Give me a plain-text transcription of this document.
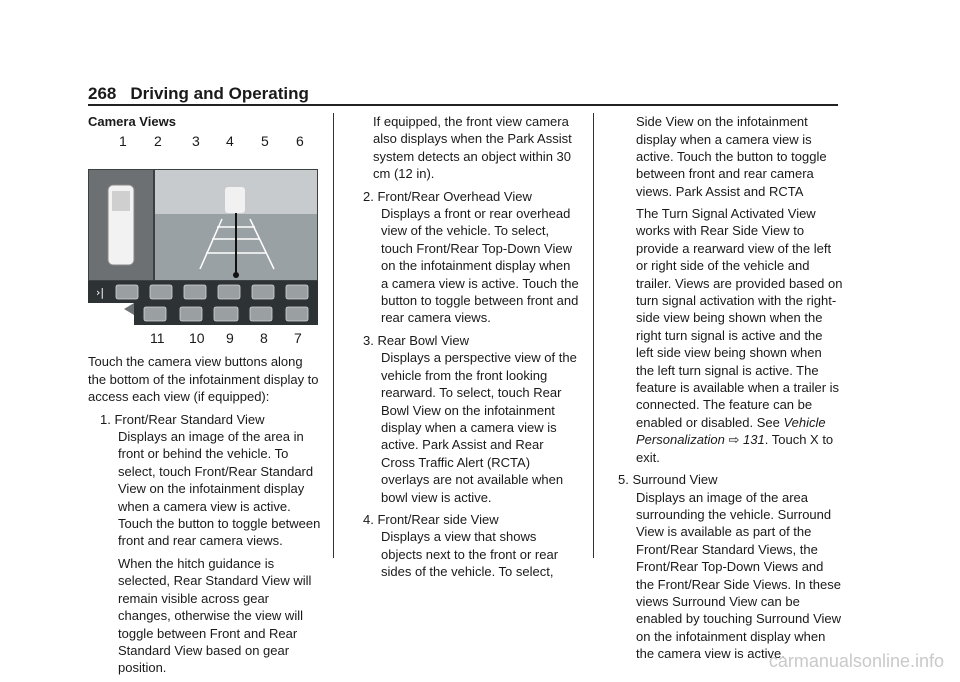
268 Driving and Operating
Camera Views
1 2 3 4 5 6
›|
11 10 9 8 7

Touch the camera view buttons along the bottom of the infotainment display to access each view (if equipped):

1. Front/Rear Standard View

Displays an image of the area in front or behind the vehicle. To select, touch Front/Rear Standard View on the infotainment display when a camera view is active. Touch the button to toggle between front and rear camera views.

When the hitch guidance is selected, Rear Standard View will remain visible across gear changes, otherwise the view will toggle between Front and Rear Standard View based on gear position.

If equipped, the front view camera also displays when the Park Assist system detects an object within 30 cm (12 in).

2. Front/Rear Overhead View

Displays a front or rear overhead view of the vehicle. To select, touch Front/Rear Top-Down View on the infotainment display when a camera view is active. Touch the button to toggle between front and rear camera views.

3. Rear Bowl View

Displays a perspective view of the vehicle from the front looking rearward. To select, touch Rear Bowl View on the infotainment display when a camera view is active. Park Assist and Rear Cross Traffic Alert (RCTA) overlays are not available when bowl view is active.

4. Front/Rear side View

Displays a view that shows objects next to the front or rear sides of the vehicle. To select,

Side View on the infotainment display when a camera view is active. Touch the button to toggle between front and rear camera views. Park Assist and RCTA

The Turn Signal Activated View works with Rear Side View to provide a rearward view of the left or right side of the vehicle and trailer. Views are provided based on turn signal activation with the right-side view being shown when the right turn signal is active and the left side view being shown when the left turn signal is active. The feature is available when a trailer is connected. The feature can be enabled or disabled. See Vehicle Personalization ⇨ 131. Touch X to exit.

5. Surround View

Displays an image of the area surrounding the vehicle. Surround View is available as part of the Front/Rear Standard Views, the Front/Rear Top-Down Views and the Front/Rear Side Views. In these views Surround View can be enabled by touching Surround View on the infotainment display when the camera view is active.

carmanualsonline.info
